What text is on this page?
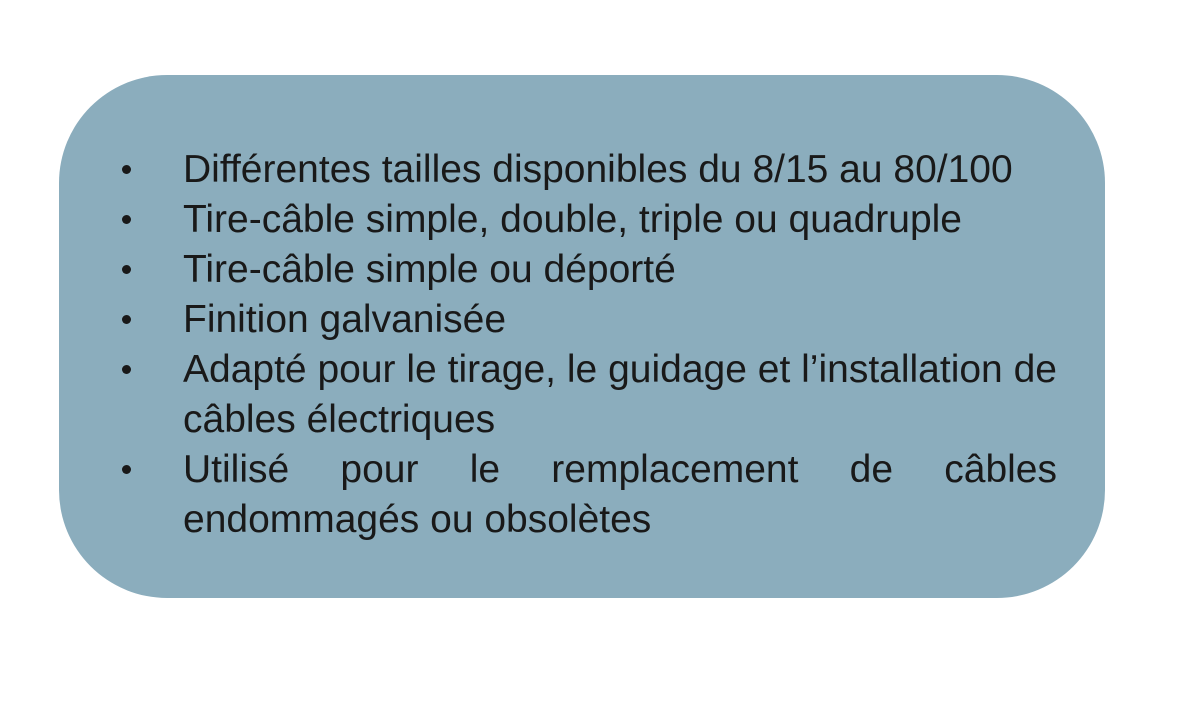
Différentes tailles disponibles du 8/15 au 80/100
Tire-câble simple, double, triple ou quadruple
Tire-câble simple ou déporté
Finition galvanisée
Adapté pour le tirage, le guidage et l’installation de
câbles électriques
Utilisé pour le remplacement de câbles
endommagés ou obsolètes
